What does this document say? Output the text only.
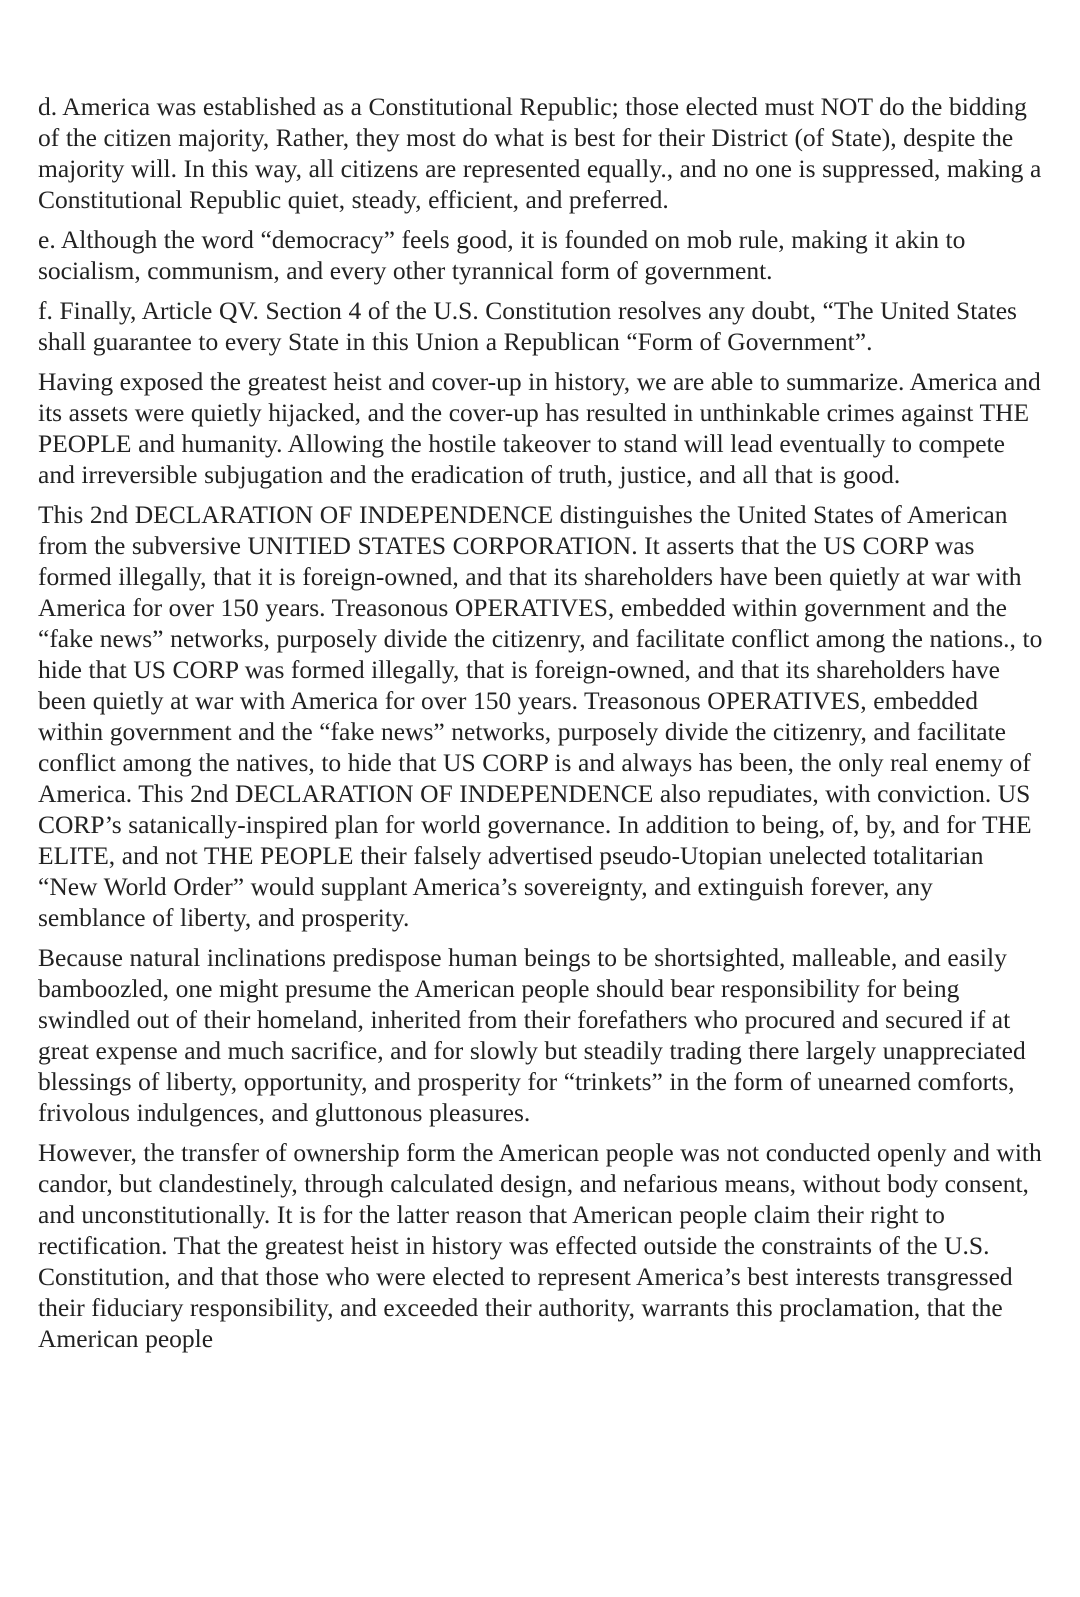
d. America was established as a Constitutional Republic; those elected must NOT do the bidding of the citizen majority, Rather, they most do what is best for their District (of State), despite the majority will. In this way, all citizens are represented equally., and no one is suppressed, making a Constitutional Republic quiet, steady, efficient, and preferred.

e. Although the word “democracy” feels good, it is founded on mob rule, making it akin to socialism, communism, and every other tyrannical form of government.

f. Finally, Article QV. Section 4 of the U.S. Constitution resolves any doubt, “The United States shall guarantee to every State in this Union a Republican “Form of Government”.

Having exposed the greatest heist and cover-up in history, we are able to summarize. America and its assets were quietly hijacked, and the cover-up has resulted in unthinkable crimes against THE PEOPLE and humanity. Allowing the hostile takeover to stand will lead eventually to compete and irreversible subjugation and the eradication of truth, justice, and all that is good.

This 2nd DECLARATION OF INDEPENDENCE distinguishes the United States of American from the subversive UNITIED STATES CORPORATION. It asserts that the US CORP was formed illegally, that it is foreign-owned, and that its shareholders have been quietly at war with America for over 150 years. Treasonous OPERATIVES, embedded within government and the “fake news” networks, purposely divide the citizenry, and facilitate conflict among the nations., to hide that US CORP was formed illegally, that is foreign-owned, and that its shareholders have been quietly at war with America for over 150 years. Treasonous OPERATIVES, embedded within government and the “fake news” networks, purposely divide the citizenry, and facilitate conflict among the natives, to hide that US CORP is and always has been, the only real enemy of America. This 2nd DECLARATION OF INDEPENDENCE also repudiates, with conviction. US CORP’s satanically-inspired plan for world governance. In addition to being, of, by, and for THE ELITE, and not THE PEOPLE their falsely advertised pseudo-Utopian unelected totalitarian “New World Order” would supplant America’s sovereignty, and extinguish forever, any semblance of liberty, and prosperity.

Because natural inclinations predispose human beings to be shortsighted, malleable, and easily bamboozled, one might presume the American people should bear responsibility for being swindled out of their homeland, inherited from their forefathers who procured and secured if at great expense and much sacrifice, and for slowly but steadily trading there largely unappreciated blessings of liberty, opportunity, and prosperity for “trinkets” in the form of unearned comforts, frivolous indulgences, and gluttonous pleasures.

However, the transfer of ownership form the American people was not conducted openly and with candor, but clandestinely, through calculated design, and nefarious means, without body consent, and unconstitutionally. It is for the latter reason that American people claim their right to rectification. That the greatest heist in history was effected outside the constraints of the U.S. Constitution, and that those who were elected to represent America’s best interests transgressed their fiduciary responsibility, and exceeded their authority, warrants this proclamation, that the American people
